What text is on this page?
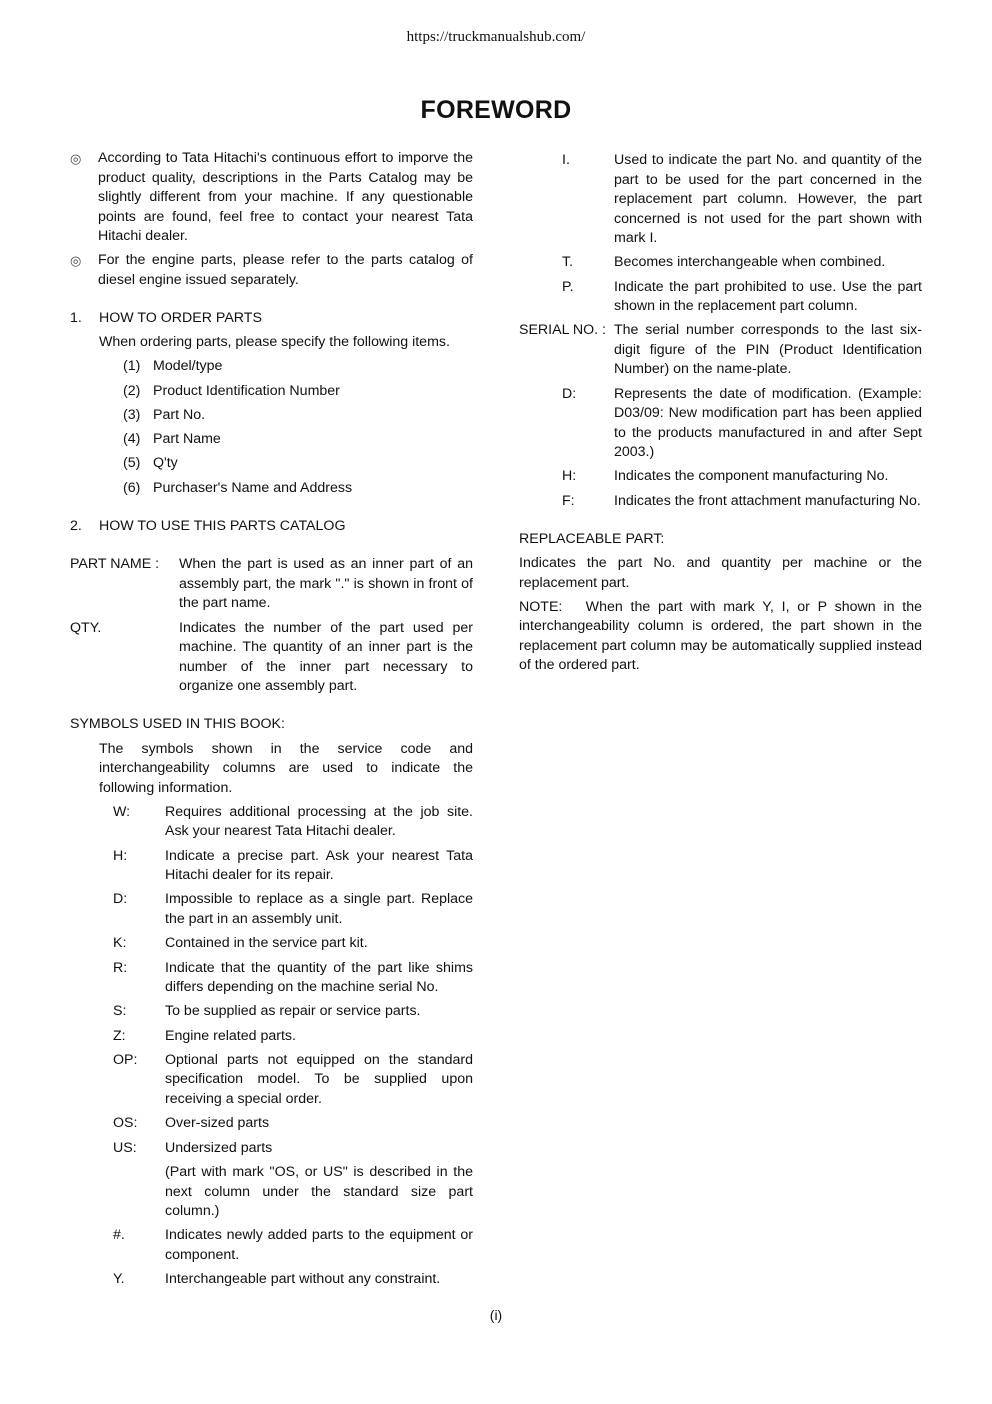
https://truckmanualshub.com/
FOREWORD
◎	According to Tata Hitachi's continuous effort to imporve the product quality, descriptions in the Parts Catalog may be slightly different from your machine. If any questionable points are found, feel free to contact your nearest Tata Hitachi dealer.
◎	For the engine parts, please refer to the parts catalog of diesel engine issued separately.
1.	HOW TO ORDER PARTS
When ordering parts, please specify the following items.
(1) Model/type
(2) Product Identification Number
(3) Part No.
(4) Part Name
(5) Q'ty
(6) Purchaser's Name and Address
2.	HOW TO USE THIS PARTS CATALOG
PART NAME :	When the part is used as an inner part of an assembly part, the mark "." is shown in front of the part name.
QTY.	Indicates the number of the part used per machine. The quantity of an inner part is the number of the inner part necessary to organize one assembly part.
SYMBOLS USED IN THIS BOOK:
The symbols shown in the service code and interchangeability columns are used to indicate the following information.
W:	Requires additional processing at the job site. Ask your nearest Tata Hitachi dealer.
H:	Indicate a precise part. Ask your nearest Tata Hitachi dealer for its repair.
D:	Impossible to replace as a single part. Replace the part in an assembly unit.
K:	Contained in the service part kit.
R:	Indicate that the quantity of the part like shims differs depending on the machine serial No.
S:	To be supplied as repair or service parts.
Z:	Engine related parts.
OP:	Optional parts not equipped on the standard specification model. To be supplied upon receiving a special order.
OS:	Over-sized parts
US:	Undersized parts
(Part with mark "OS, or US" is described in the next column under the standard size part column.)
#.	Indicates newly added parts to the equipment or component.
Y.	Interchangeable part without any constraint.
I.	Used to indicate the part No. and quantity of the part to be used for the part concerned in the replacement part column. However, the part concerned is not used for the part shown with mark I.
T.	Becomes interchangeable when combined.
P.	Indicate the part prohibited to use. Use the part shown in the replacement part column.
SERIAL NO. : The serial number corresponds to the last six-digit figure of the PIN (Product Identification Number) on the name-plate.
D:	Represents the date of modification. (Example: D03/09: New modification part has been applied to the products manufactured in and after Sept 2003.)
H:	Indicates the component manufacturing No.
F:	Indicates the front attachment manufacturing No.
REPLACEABLE PART:
Indicates the part No. and quantity per machine or the replacement part.
NOTE:   When the part with mark Y, I, or P shown in the interchangeability column is ordered, the part shown in the replacement part column may be automatically supplied instead of the ordered part.
(i)
